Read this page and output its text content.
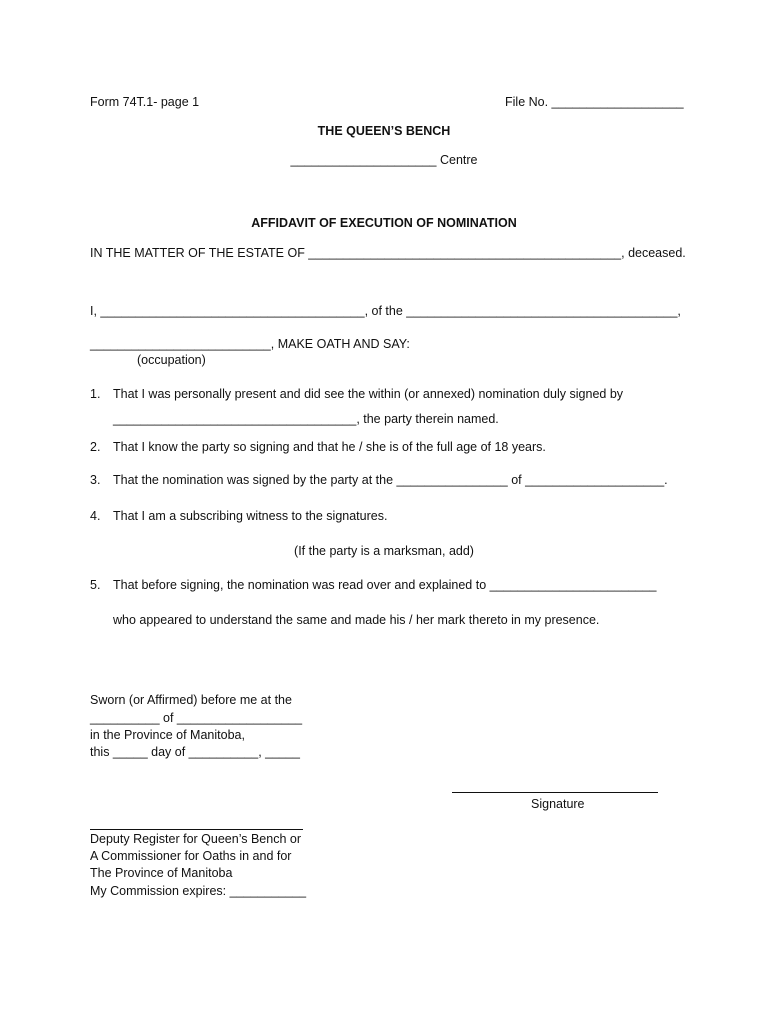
Form 74T.1- page 1	File No. ___________________
THE QUEEN’S BENCH
_____________________ Centre
AFFIDAVIT OF EXECUTION OF NOMINATION
IN THE MATTER OF THE ESTATE OF _____________________________________________, deceased.
I, ______________________________________, of the _______________________________________,
__________________________, MAKE OATH AND SAY:
(occupation)
1. That I was personally present and did see the within (or annexed) nomination duly signed by
___________________________________, the party therein named.
2. That I know the party so signing and that he / she is of the full age of 18 years.
3. That the nomination was signed by the party at the ________________ of ____________________.
4. That I am a subscribing witness to the signatures.
(If the party is a marksman, add)
5. That before signing, the nomination was read over and explained to ________________________
who appeared to understand the same and made his / her mark thereto in my presence.
Sworn (or Affirmed) before me at the
__________ of __________________
in the Province of Manitoba,
this _____ day of __________, _____
Signature
Deputy Register for Queen’s Bench or
A Commissioner for Oaths in and for
The Province of Manitoba
My Commission expires: ___________
